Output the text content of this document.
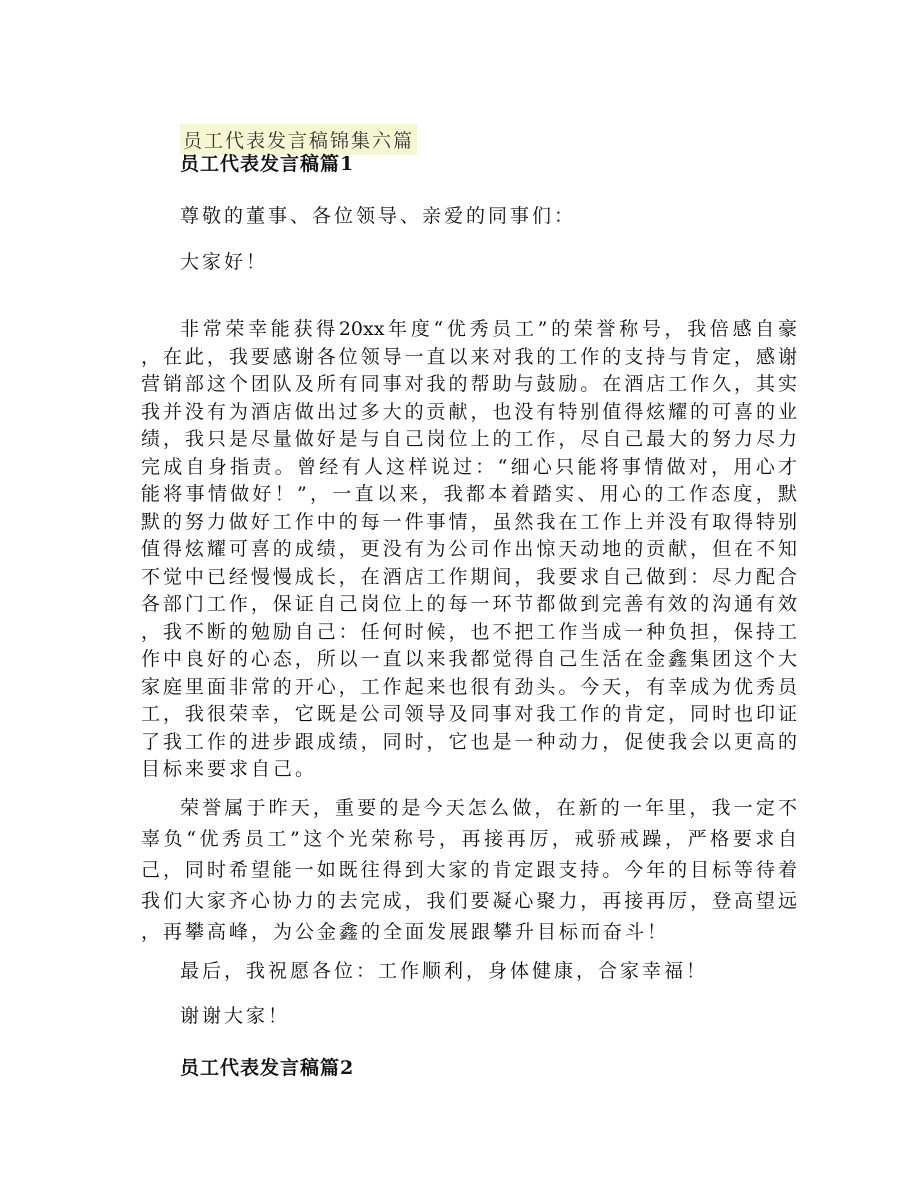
员工代表发言稿锦集六篇
员工代表发言稿篇1
尊敬的董事、各位领导、亲爱的同事们：
大家好！
非常荣幸能获得20xx年度“优秀员工”的荣誉称号，我倍感自豪
，在此，我要感谢各位领导一直以来对我的工作的支持与肯定，感谢
营销部这个团队及所有同事对我的帮助与鼓励。在酒店工作久，其实
我并没有为酒店做出过多大的贡献，也没有特别值得炫耀的可喜的业
绩，我只是尽量做好是与自己岗位上的工作，尽自己最大的努力尽力
完成自身指责。曾经有人这样说过：“细心只能将事情做对，用心才
能将事情做好！”，一直以来，我都本着踏实、用心的工作态度，默
默的努力做好工作中的每一件事情，虽然我在工作上并没有取得特别
值得炫耀可喜的成绩，更没有为公司作出惊天动地的贡献，但在不知
不觉中已经慢慢成长，在酒店工作期间，我要求自己做到：尽力配合
各部门工作，保证自己岗位上的每一环节都做到完善有效的沟通有效
，我不断的勉励自己：任何时候，也不把工作当成一种负担，保持工
作中良好的心态，所以一直以来我都觉得自己生活在金鑫集团这个大
家庭里面非常的开心，工作起来也很有劲头。今天，有幸成为优秀员
工，我很荣幸，它既是公司领导及同事对我工作的肯定，同时也印证
了我工作的进步跟成绩，同时，它也是一种动力，促使我会以更高的
目标来要求自己。
荣誉属于昨天，重要的是今天怎么做，在新的一年里，我一定不
辜负“优秀员工”这个光荣称号，再接再厉，戒骄戒躁，严格要求自
己，同时希望能一如既往得到大家的肯定跟支持。今年的目标等待着
我们大家齐心协力的去完成，我们要凝心聚力，再接再厉，登高望远
，再攀高峰，为公金鑫的全面发展跟攀升目标而奋斗！
最后，我祝愿各位：工作顺利，身体健康，合家幸福！
谢谢大家！
员工代表发言稿篇2
